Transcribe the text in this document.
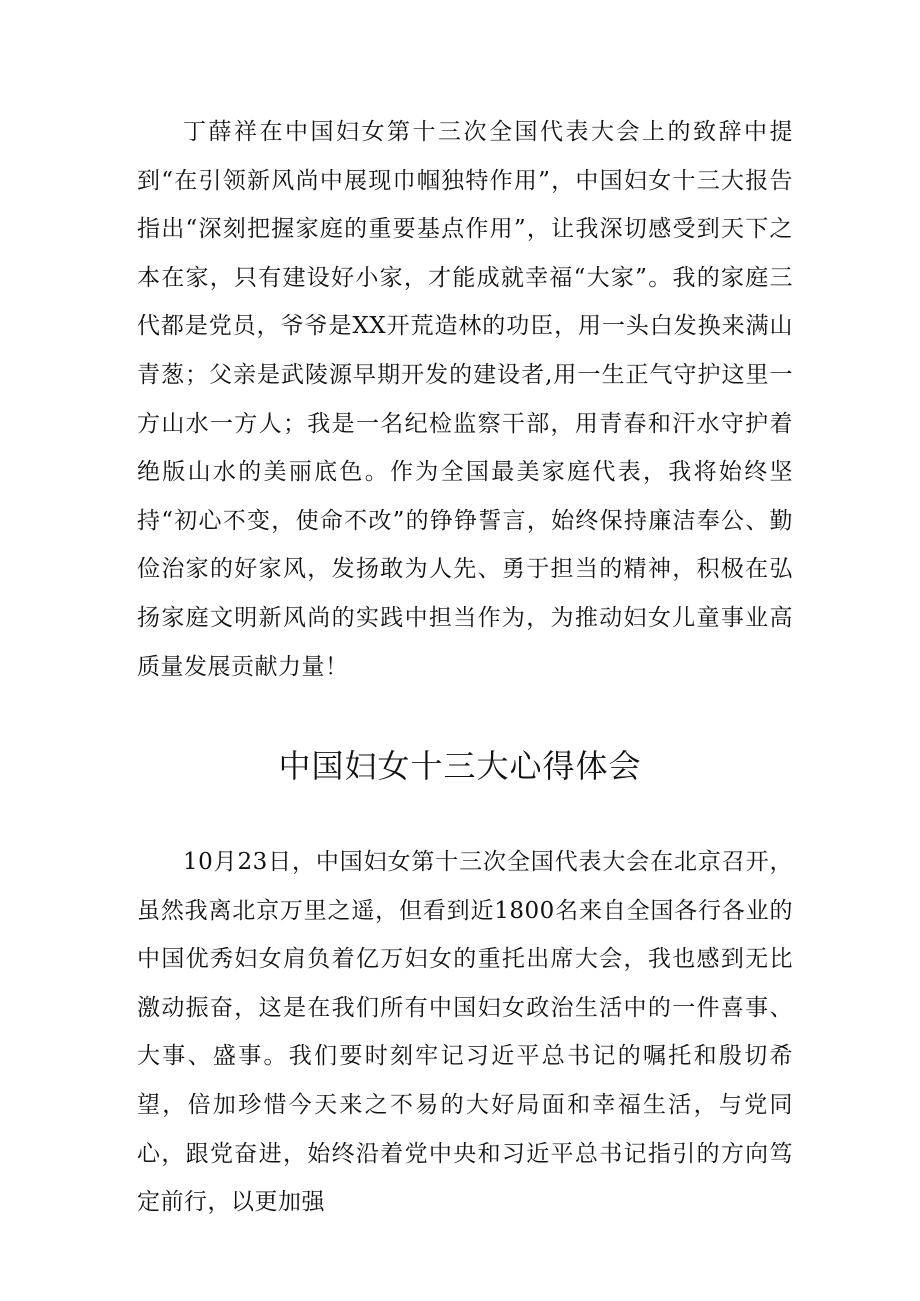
丁薛祥在中国妇女第十三次全国代表大会上的致辞中提到“在引领新风尚中展现巾帼独特作用”，中国妇女十三大报告指出“深刻把握家庭的重要基点作用”，让我深切感受到天下之本在家，只有建设好小家，才能成就幸福“大家”。我的家庭三代都是党员，爷爷是XX开荒造林的功臣，用一头白发换来满山青葱；父亲是武陵源早期开发的建设者,用一生正气守护这里一方山水一方人；我是一名纪检监察干部，用青春和汗水守护着绝版山水的美丽底色。作为全国最美家庭代表，我将始终坚持“初心不变，使命不改”的铮铮誓言，始终保持廉洁奉公、勤俭治家的好家风，发扬敢为人先、勇于担当的精神，积极在弘扬家庭文明新风尚的实践中担当作为，为推动妇女儿童事业高质量发展贡献力量！

中国妇女十三大心得体会

10月23日，中国妇女第十三次全国代表大会在北京召开，虽然我离北京万里之遥，但看到近1800名来自全国各行各业的中国优秀妇女肩负着亿万妇女的重托出席大会，我也感到无比激动振奋，这是在我们所有中国妇女政治生活中的一件喜事、大事、盛事。我们要时刻牢记习近平总书记的嘱托和殷切希望，倍加珍惜今天来之不易的大好局面和幸福生活，与党同心，跟党奋进，始终沿着党中央和习近平总书记指引的方向笃定前行，以更加强
